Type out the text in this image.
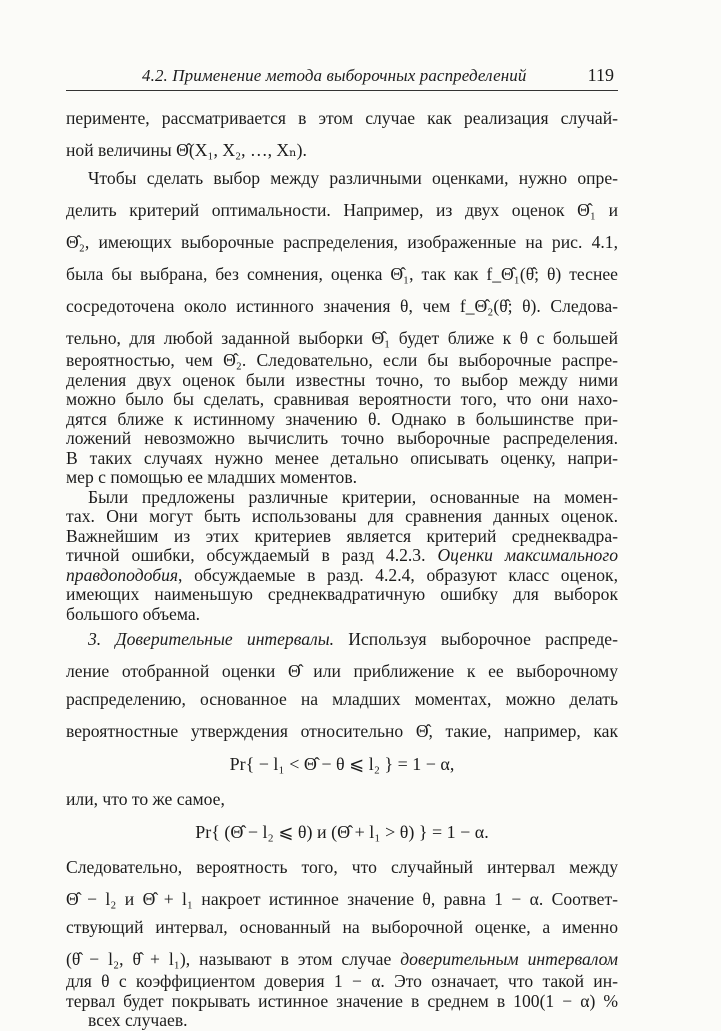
4.2. Применение метода выборочных распределений	119

перименте, рассматривается в этом случае как реализация случай-
ной величины Θ̂(X₁, X₂, …, Xₙ).

Чтобы сделать выбор между различными оценками, нужно опре-
делить критерий оптимальности. Например, из двух оценок Θ̂₁ и
Θ̂₂, имеющих выборочные распределения, изображенные на рис. 4.1,
была бы выбрана, без сомнения, оценка Θ̂₁, так как f_Θ̂₁(θ̂; θ) теснее
сосредоточена около истинного значения θ, чем f_Θ̂₂(θ̂; θ). Следова-
тельно, для любой заданной выборки Θ̂₁ будет ближе к θ с большей

вероятностью, чем Θ̂₂. Следовательно, если бы выборочные распре-
деления двух оценок были известны точно, то выбор между ними
можно было бы сделать, сравнивая вероятности того, что они нахо-
дятся ближе к истинному значению θ. Однако в большинстве при-
ложений невозможно вычислить точно выборочные распределения.
В таких случаях нужно менее детально описывать оценку, напри-
мер с помощью ее младших моментов.
Были предложены различные критерии, основанные на момен-
тах. Они могут быть использованы для сравнения данных оценок.
Важнейшим из этих критериев является критерий среднеквадра-
тичной ошибки, обсуждаемый в разд 4.2.3. Оценки максимального
правдоподобия, обсуждаемые в разд. 4.2.4, образуют класс оценок,
имеющих наименьшую среднеквадратичную ошибку для выборок
большого объема.

3. Доверительные интервалы. Используя выборочное распреде-
ление отобранной оценки Θ̂ или приближение к ее выборочному
распределению, основанное на младших моментах, можно делать
вероятностные утверждения относительно Θ̂, такие, например, как
Pr{ − l₁ < Θ̂ − θ ⩽ l₂ } = 1 − α,
или, что то же самое,
Pr{ (Θ̂ − l₂ ⩽ θ) и (Θ̂ + l₁ > θ) } = 1 − α.
Следовательно, вероятность того, что случайный интервал между
Θ̂ − l₂ и Θ̂ + l₁ накроет истинное значение θ, равна 1 − α. Соответ-
ствующий интервал, основанный на выборочной оценке, а именно
(θ̂ − l₂, θ̂ + l₁), называют в этом случае доверительным интервалом

для θ с коэффициентом доверия 1 − α. Это означает, что такой ин-
тервал будет покрывать истинное значение в среднем в 100(1 − α) %
всех случаев.
